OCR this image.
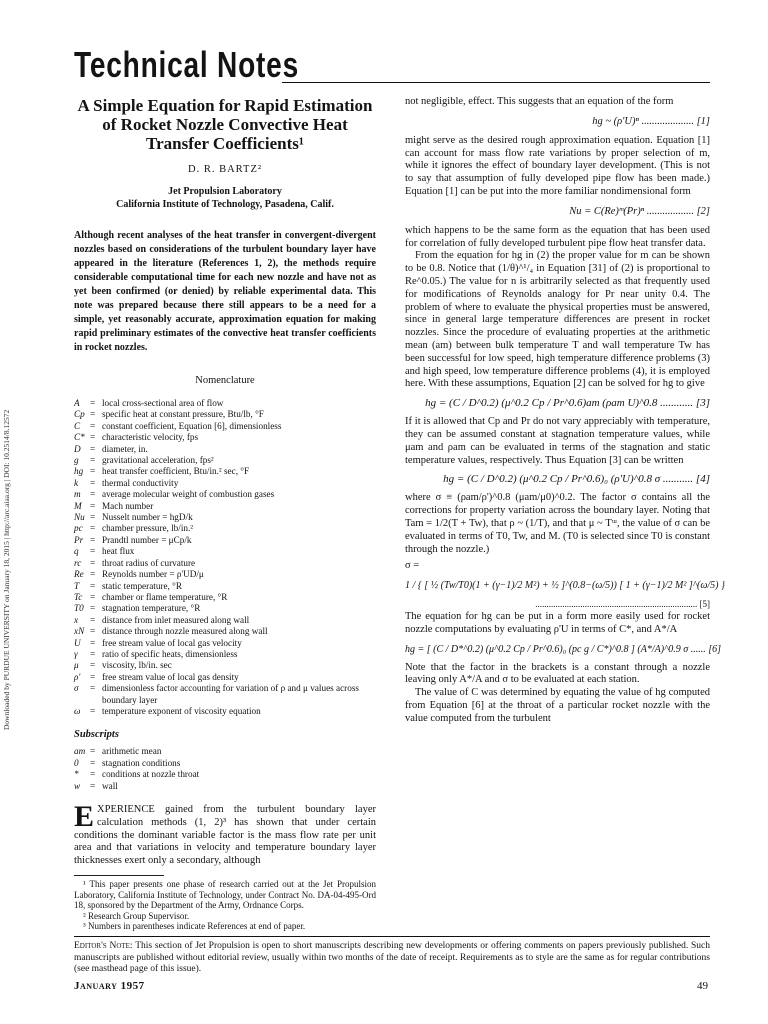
Downloaded by PURDUE UNIVERSITY on January 18, 2015 | http://arc.aiaa.org | DOI: 10.2514/8.12572
Technical Notes

A Simple Equation for Rapid Estimation of Rocket Nozzle Convective Heat Transfer Coefficients¹

D. R. BARTZ²

Jet Propulsion Laboratory
California Institute of Technology, Pasadena, Calif.

Although recent analyses of the heat transfer in convergent-divergent nozzles based on considerations of the turbulent boundary layer have appeared in the literature (References 1, 2), the methods require considerable computational time for each new nozzle and have not as yet been confirmed (or denied) by reliable experimental data. This note was prepared because there still appears to be a need for a simple, yet reasonably accurate, approximation equation for making rapid preliminary estimates of the convective heat transfer coefficients in rocket nozzles.

Nomenclature

A	= local cross-sectional area of flow
Cp = specific heat at constant pressure, Btu/lb, °F
C	= constant coefficient, Equation [6], dimensionless
C* = characteristic velocity, fps
D	= diameter, in.
g	= gravitational acceleration, fps²
hg = heat transfer coefficient, Btu/in.² sec, °F
k	= thermal conductivity
m	= average molecular weight of combustion gases
M = Mach number
Nu = Nusselt number = hgD/k
pc = chamber pressure, lb/in.²
Pr = Prandtl number = μCp/k
q	= heat flux
rc = throat radius of curvature
Re = Reynolds number = ρ'UD/μ
T	= static temperature, °R
Tc = chamber or flame temperature, °R
T0 = stagnation temperature, °R
x	= distance from inlet measured along wall
xN = distance through nozzle measured along wall
U	= free stream value of local gas velocity
γ	= ratio of specific heats, dimensionless
μ	= viscosity, lb/in. sec
ρ'	= free stream value of local gas density
σ	= dimensionless factor accounting for variation of ρ and μ values across boundary layer
ω	= temperature exponent of viscosity equation

Subscripts

am = arithmetic mean
0	= stagnation conditions
*	= conditions at nozzle throat
w	= wall

EXPERIENCE gained from the turbulent boundary layer calculation methods (1, 2)³ has shown that under certain conditions the dominant variable factor is the mass flow rate per unit area and that variations in velocity and temperature boundary layer thicknesses exert only a secondary, although

¹ This paper presents one phase of research carried out at the Jet Propulsion Laboratory, California Institute of Technology, under Contract No. DA-04-495-Ord 18, sponsored by the Department of the Army, Ordnance Corps.

² Research Group Supervisor.

³ Numbers in parentheses indicate References at end of paper.

not negligible, effect. This suggests that an equation of the form

hg ~ (ρ'U)ⁿ .................... [1]

might serve as the desired rough approximation equation. Equation [1] can account for mass flow rate variations by proper selection of m, while it ignores the effect of boundary layer development. (This is not to say that assumption of fully developed pipe flow has been made.) Equation [1] can be put into the more familiar nondimensional form

Nu = C(Re)ᵐ(Pr)ⁿ .................. [2]

which happens to be the same form as the equation that has been used for correlation of fully developed turbulent pipe flow heat transfer data.

From the equation for hg in (2) the proper value for m can be shown to be 0.8. Notice that (1/θ)^¹/₄ in Equation [31] of (2) is proportional to Re^0.05.) The value for n is arbitrarily selected as that frequently used for modifications of Reynolds analogy for Pr near unity 0.4. The problem of where to evaluate the physical properties must be answered, since in general large temperature differences are present in rocket nozzles. Since the procedure of evaluating properties at the arithmetic mean (am) between bulk temperature T and wall temperature Tw has been successful for low speed, high temperature difference problems (3) and high speed, low temperature difference problems (4), it is employed here. With these assumptions, Equation [2] can be solved for hg to give

hg = (C / D^0.2) (μ^0.2 Cp / Pr^0.6)am (ρam U)^0.8 ............ [3]

If it is allowed that Cp and Pr do not vary appreciably with temperature, they can be assumed constant at stagnation temperature values, while μam and ρam can be evaluated in terms of the stagnation and static temperature values, respectively. Thus Equation [3] can be written

hg = (C / D^0.2) (μ^0.2 Cp / Pr^0.6)₀ (ρ'U)^0.8 σ ........... [4]

where σ ≡ (ρam/ρ')^0.8 (μam/μ0)^0.2. The factor σ contains all the corrections for property variation across the boundary layer. Noting that Tam = 1/2(T + Tw), that ρ ~ (1/T), and that μ ~ Tᵚ, the value of σ can be evaluated in terms of T0, Tw, and M. (T0 is selected since T0 is constant through the nozzle.)

σ =

1 / { [ ½ (Tw/T0)(1 + (γ−1)/2 M²) + ½ ]^(0.8−(ω/5)) [ 1 + (γ−1)/2 M² ]^(ω/5) }

........................................................................ [5]

The equation for hg can be put in a form more easily used for rocket nozzle computations by evaluating ρ'U in terms of C*, and A*/A

hg = [ (C / D*^0.2) (μ^0.2 Cp / Pr^0.6)₀ (pc g / C*)^0.8 ] (A*/A)^0.9 σ ...... [6]

Note that the factor in the brackets is a constant through a nozzle leaving only A*/A and σ to be evaluated at each station.

The value of C was determined by equating the value of hg computed from Equation [6] at the throat of a particular rocket nozzle with the value computed from the turbulent

Editor's Note: This section of Jet Propulsion is open to short manuscripts describing new developments or offering comments on papers previously published. Such manuscripts are published without editorial review, usually within two months of the date of receipt. Requirements as to style are the same as for regular contributions (see masthead page of this issue).
January 1957	49
